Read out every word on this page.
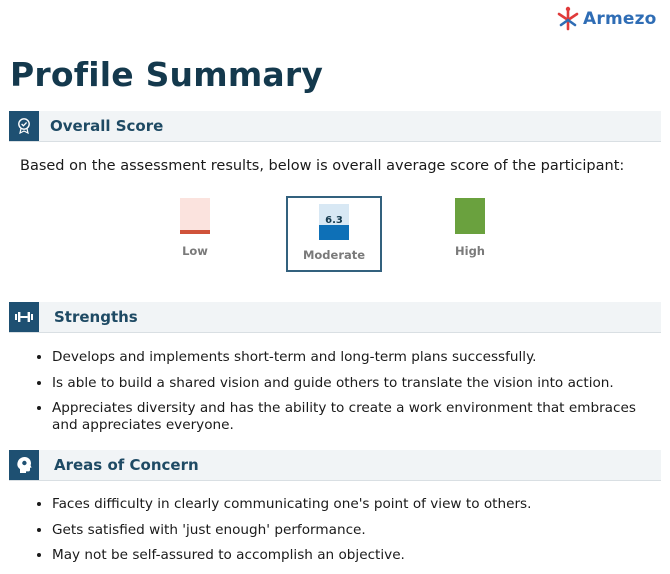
Armezo
Profile Summary
Overall Score
Based on the assessment results, below is overall average score of the participant:
Low
6.3
Moderate	High
Strengths
• Develops and implements short-term and long-term plans successfully.
• Is able to build a shared vision and guide others to translate the vision into action.
• Appreciates diversity and has the ability to create a work environment that embraces and appreciates everyone.
Areas of Concern
• Faces difficulty in clearly communicating one's point of view to others.
• Gets satisfied with 'just enough' performance.
• May not be self-assured to accomplish an objective.
